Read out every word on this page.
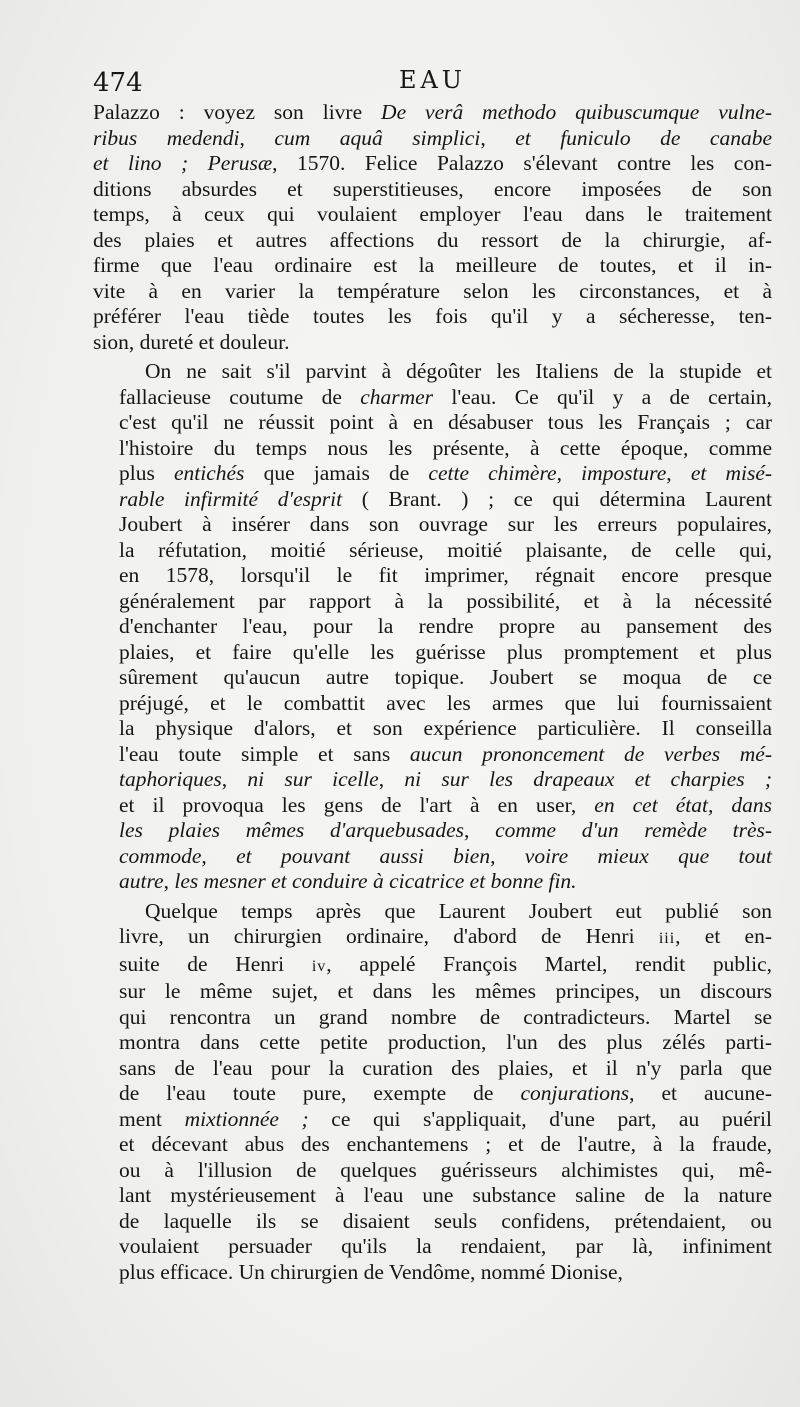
474	EAU
Palazzo : voyez son livre De verâ methodo quibuscumque vulne-
ribus medendi, cum aquâ simplici, et funiculo de canabe
et lino ; Perusæ, 1570. Felice Palazzo s'élevant contre les con-
ditions absurdes et superstitieuses, encore imposées de son
temps, à ceux qui voulaient employer l'eau dans le traitement
des plaies et autres affections du ressort de la chirurgie, af-
firme que l'eau ordinaire est la meilleure de toutes, et il in-
vite à en varier la température selon les circonstances, et à
préférer l'eau tiède toutes les fois qu'il y a sécheresse, ten-
sion, dureté et douleur.
On ne sait s'il parvint à dégoûter les Italiens de la stupide et
fallacieuse coutume de charmer l'eau. Ce qu'il y a de certain,
c'est qu'il ne réussit point à en désabuser tous les Français ; car
l'histoire du temps nous les présente, à cette époque, comme
plus entichés que jamais de cette chimère, imposture, et misé-
rable infirmité d'esprit ( Brant. ) ; ce qui détermina Laurent
Joubert à insérer dans son ouvrage sur les erreurs populaires,
la réfutation, moitié sérieuse, moitié plaisante, de celle qui,
en 1578, lorsqu'il le fit imprimer, régnait encore presque
généralement par rapport à la possibilité, et à la nécessité
d'enchanter l'eau, pour la rendre propre au pansement des
plaies, et faire qu'elle les guérisse plus promptement et plus
sûrement qu'aucun autre topique. Joubert se moqua de ce
préjugé, et le combattit avec les armes que lui fournissaient
la physique d'alors, et son expérience particulière. Il conseilla
l'eau toute simple et sans aucun prononcement de verbes mé-
taphoriques, ni sur icelle, ni sur les drapeaux et charpies ;
et il provoqua les gens de l'art à en user, en cet état, dans
les plaies mêmes d'arquebusades, comme d'un remède très-
commode, et pouvant aussi bien, voire mieux que tout
autre, les mesner et conduire à cicatrice et bonne fin.
Quelque temps après que Laurent Joubert eut publié son
livre, un chirurgien ordinaire, d'abord de Henri iii, et en-
suite de Henri iv, appelé François Martel, rendit public,
sur le même sujet, et dans les mêmes principes, un discours
qui rencontra un grand nombre de contradicteurs. Martel se
montra dans cette petite production, l'un des plus zélés parti-
sans de l'eau pour la curation des plaies, et il n'y parla que
de l'eau toute pure, exempte de conjurations, et aucune-
ment mixtionnée ; ce qui s'appliquait, d'une part, au puéril
et décevant abus des enchantemens ; et de l'autre, à la fraude,
ou à l'illusion de quelques guérisseurs alchimistes qui, mê-
lant mystérieusement à l'eau une substance saline de la nature
de laquelle ils se disaient seuls confidens, prétendaient, ou
voulaient persuader qu'ils la rendaient, par là, infiniment
plus efficace. Un chirurgien de Vendôme, nommé Dionise,
